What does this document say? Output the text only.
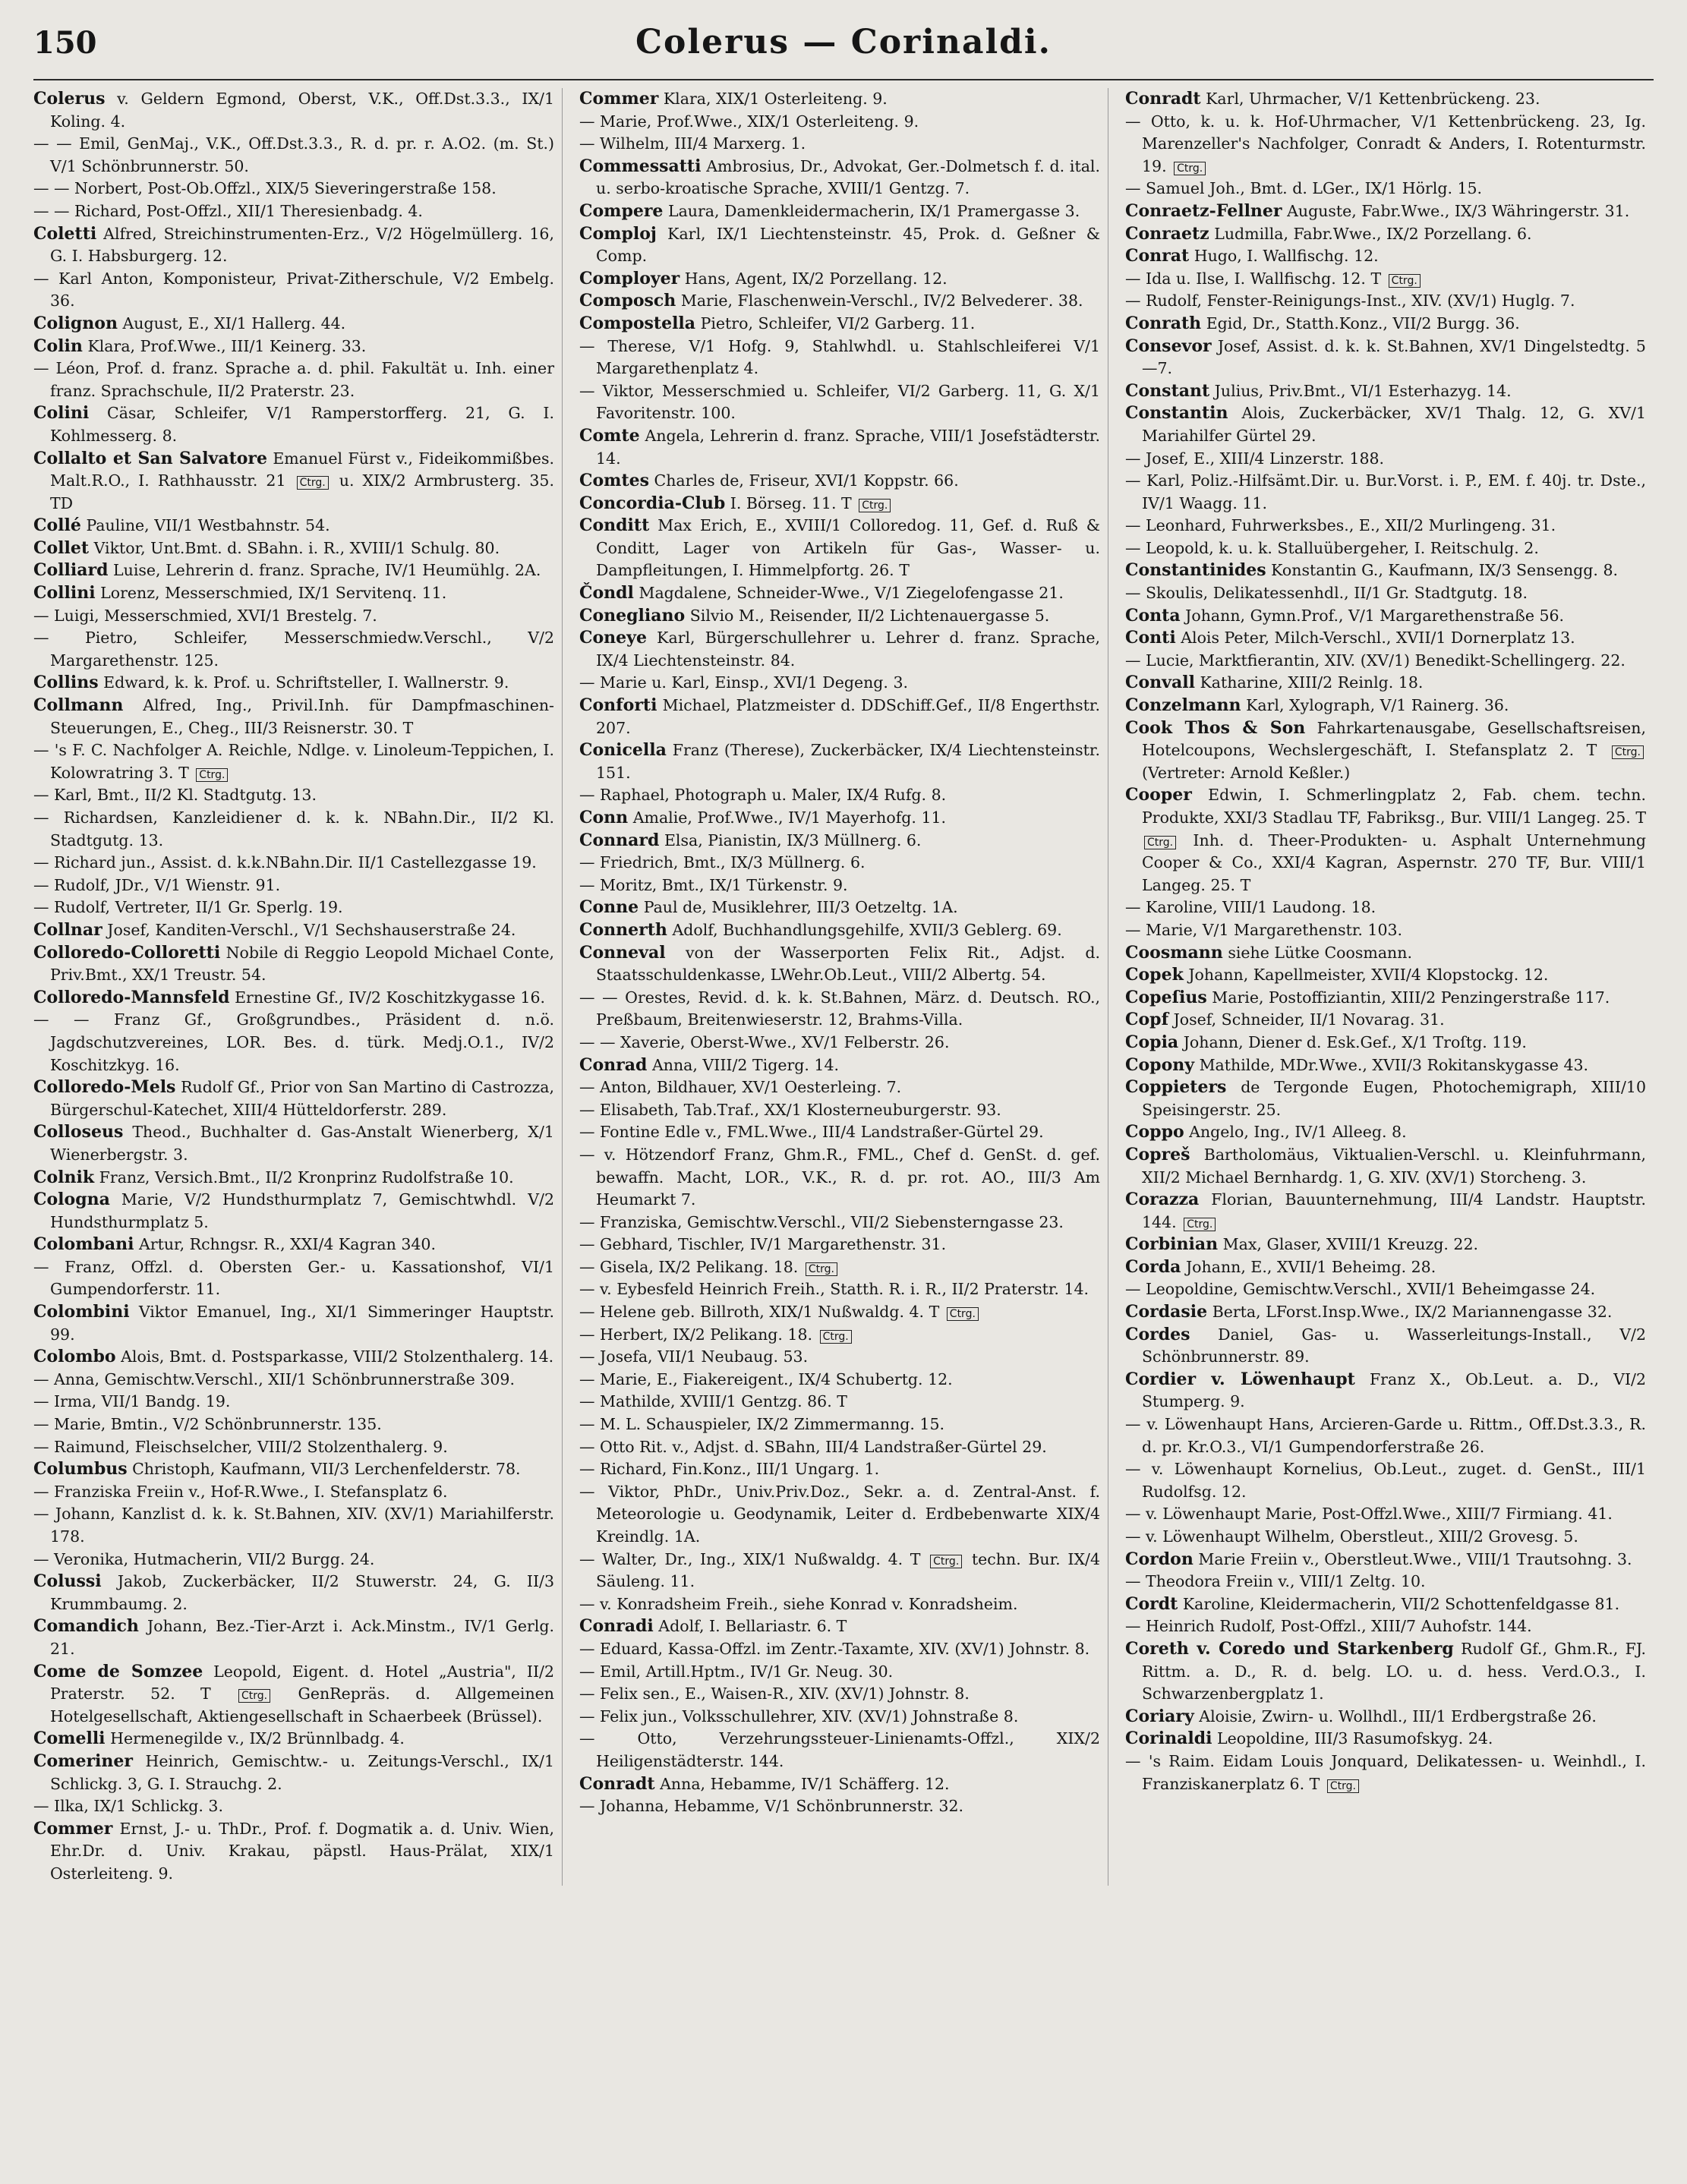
150	Colerus — Corinaldi.

Colerus v. Geldern Egmond, Oberst, V.K., Off.Dst.3.3., IX/1 Koling. 4.

— — Emil, GenMaj., V.K., Off.Dst.3.3., R. d. pr. r. A.O2. (m. St.) V/1 Schönbrunnerstr. 50.

— — Norbert, Post-Ob.Offzl., XIX/5 Sieveringerstraße 158.

— — Richard, Post-Offzl., XII/1 Theresienbadg. 4.

Coletti Alfred, Streichinstrumenten-Erz., V/2 Högelmüllerg. 16, G. I. Habsburgerg. 12.

— Karl Anton, Komponisteur, Privat-Zitherschule, V/2 Embelg. 36.

Colignon August, E., XI/1 Hallerg. 44.

Colin Klara, Prof.Wwe., III/1 Keinerg. 33.

— Léon, Prof. d. franz. Sprache a. d. phil. Fakultät u. Inh. einer franz. Sprachschule, II/2 Praterstr. 23.

Colini Cäsar, Schleifer, V/1 Ramperstorfferg. 21, G. I. Kohlmesserg. 8.

Collalto et San Salvatore Emanuel Fürst v., Fideikommißbes. Malt.R.O., I. Rathhausstr. 21 Ctrg. u. XIX/2 Armbrusterg. 35. TD

Collé Pauline, VII/1 Westbahnstr. 54.

Collet Viktor, Unt.Bmt. d. SBahn. i. R., XVIII/1 Schulg. 80.

Colliard Luise, Lehrerin d. franz. Sprache, IV/1 Heumühlg. 2A.

Collini Lorenz, Messerschmied, IX/1 Servitenq. 11.

— Luigi, Messerschmied, XVI/1 Brestelg. 7.

— Pietro, Schleifer, Messerschmiedw.Verschl., V/2 Margarethenstr. 125.

Collins Edward, k. k. Prof. u. Schriftsteller, I. Wallnerstr. 9.

Collmann Alfred, Ing., Privil.Inh. für Dampfmaschinen-Steuerungen, E., Cheg., III/3 Reisnerstr. 30. T

— 's F. C. Nachfolger A. Reichle, Ndlge. v. Linoleum-Teppichen, I. Kolowratring 3. T Ctrg.

— Karl, Bmt., II/2 Kl. Stadtgutg. 13.

— Richardsen, Kanzleidiener d. k. k. NBahn.Dir., II/2 Kl. Stadtgutg. 13.

— Richard jun., Assist. d. k.k.NBahn.Dir. II/1 Castellezgasse 19.

— Rudolf, JDr., V/1 Wienstr. 91.

— Rudolf, Vertreter, II/1 Gr. Sperlg. 19.

Collnar Josef, Kanditen-Verschl., V/1 Sechshauserstraße 24.

Colloredo-Colloretti Nobile di Reggio Leopold Michael Conte, Priv.Bmt., XX/1 Treustr. 54.

Colloredo-Mannsfeld Ernestine Gf., IV/2 Koschitzkygasse 16.

— — Franz Gf., Großgrundbes., Präsident d. n.ö. Jagdschutzvereines, LOR. Bes. d. türk. Medj.O.1., IV/2 Koschitzkyg. 16.

Colloredo-Mels Rudolf Gf., Prior von San Martino di Castrozza, Bürgerschul-Katechet, XIII/4 Hütteldorferstr. 289.

Colloseus Theod., Buchhalter d. Gas-Anstalt Wienerberg, X/1 Wienerbergstr. 3.

Colnik Franz, Versich.Bmt., II/2 Kronprinz Rudolfstraße 10.

Cologna Marie, V/2 Hundsthurmplatz 7, Gemischtwhdl. V/2 Hundsthurmplatz 5.

Colombani Artur, Rchngsr. R., XXI/4 Kagran 340.

— Franz, Offzl. d. Obersten Ger.- u. Kassationshof, VI/1 Gumpendorferstr. 11.

Colombini Viktor Emanuel, Ing., XI/1 Simmeringer Hauptstr. 99.

Colombo Alois, Bmt. d. Postsparkasse, VIII/2 Stolzenthalerg. 14.

— Anna, Gemischtw.Verschl., XII/1 Schönbrunnerstraße 309.

— Irma, VII/1 Bandg. 19.

— Marie, Bmtin., V/2 Schönbrunnerstr. 135.

— Raimund, Fleischselcher, VIII/2 Stolzenthalerg. 9.

Columbus Christoph, Kaufmann, VII/3 Lerchenfelderstr. 78.

— Franziska Freiin v., Hof-R.Wwe., I. Stefansplatz 6.

— Johann, Kanzlist d. k. k. St.Bahnen, XIV. (XV/1) Mariahilferstr. 178.

— Veronika, Hutmacherin, VII/2 Burgg. 24.

Colussi Jakob, Zuckerbäcker, II/2 Stuwerstr. 24, G. II/3 Krummbaumg. 2.

Comandich Johann, Bez.-Tier-Arzt i. Ack.Minstm., IV/1 Gerlg. 21.

Come de Somzee Leopold, Eigent. d. Hotel „Austria", II/2 Praterstr. 52. T	Ctrg. GenRepräs. d. Allgemeinen Hotelgesellschaft, Aktiengesellschaft in Schaerbeek (Brüssel).

Comelli Hermenegilde v., IX/2 Brünnlbadg. 4.

Comeriner Heinrich, Gemischtw.- u. Zeitungs-Verschl., IX/1 Schlickg. 3, G. I. Strauchg. 2.

— Ilka, IX/1 Schlickg. 3.

Commer Ernst, J.- u. ThDr., Prof. f. Dogmatik a. d. Univ. Wien, Ehr.Dr. d. Univ. Krakau, päpstl. Haus-Prälat, XIX/1 Osterleiteng. 9.

Commer Klara, XIX/1 Osterleiteng. 9.

— Marie, Prof.Wwe., XIX/1 Osterleiteng. 9.

— Wilhelm, III/4 Marxerg. 1.

Commessatti Ambrosius, Dr., Advokat, Ger.-Dolmetsch f. d. ital. u. serbo-kroatische Sprache, XVIII/1 Gentzg. 7.

Compere Laura, Damenkleidermacherin, IX/1 Pramergasse 3.

Comploj Karl, IX/1 Liechtensteinstr. 45, Prok. d. Geßner & Comp.

Comployer Hans, Agent, IX/2 Porzellang. 12.

Composch Marie, Flaschenwein-Verschl., IV/2 Belvederег. 38.

Compostella Pietro, Schleifer, VI/2 Garberg. 11.

— Therese, V/1 Hofg. 9, Stahlwhdl. u. Stahlschleiferei V/1 Margarethenplatz 4.

— Viktor, Messerschmied u. Schleifer, VI/2 Garberg. 11, G. X/1 Favoritenstr. 100.

Comte Angela, Lehrerin d. franz. Sprache, VIII/1 Josefstädterstr. 14.

Comtes Charles de, Friseur, XVI/1 Koppstr. 66.

Concordia-Club I. Börseg. 11. T Ctrg.

Conditt Max Erich, E., XVIII/1 Colloredog. 11, Gef. d. Ruß & Conditt, Lager von Artikeln für Gas-, Wasser- u. Dampfleitungen, I. Himmelpfortg. 26. T

Čondl Magdalene, Schneider-Wwe., V/1 Ziegelofengasse 21.

Conegliano Silvio M., Reisender, II/2 Lichtenauergasse 5.

Coneye Karl, Bürgerschullehrer u. Lehrer d. franz. Sprache, IX/4 Liechtensteinstr. 84.

— Marie u. Karl, Einsp., XVI/1 Degeng. 3.

Conforti Michael, Platzmeister d. DDSchiff.Gef., II/8 Engerthstr. 207.

Conicella Franz (Therese), Zuckerbäcker, IX/4 Liechtensteinstr. 151.

— Raphael, Photograph u. Maler, IX/4 Rufg. 8.

Conn Amalie, Prof.Wwe., IV/1 Mayerhofg. 11.

Connard Elsa, Pianistin, IX/3 Müllnerg. 6.

— Friedrich, Bmt., IX/3 Müllnerg. 6.

— Moritz, Bmt., IX/1 Türkenstr. 9.

Conne Paul de, Musiklehrer, III/3 Oetzeltg. 1A.

Connerth Adolf, Buchhandlungsgehilfe, XVII/3 Geblerg. 69.

Conneval von der Wasserporten Felix Rit., Adjst. d. Staatsschuldenkasse, LWehr.Ob.Leut., VIII/2 Albertg. 54.

— — Orestes, Revid. d. k. k. St.Bahnen, März. d. Deutsch. RO., Preßbaum, Breitenwieserstr. 12, Brahms-Villa.

— — Xaverie, Oberst-Wwe., XV/1 Felberstr. 26.

Conrad Anna, VIII/2 Tigerg. 14.

— Anton, Bildhauer, XV/1 Oesterleing. 7.

— Elisabeth, Tab.Traf., XX/1 Klosterneuburgerstr. 93.

— Fontine Edle v., FML.Wwe., III/4 Landstraßer-Gürtel 29.

— v. Hötzendorf Franz, Ghm.R., FML., Chef d. GenSt. d. gef. bewaffn. Macht, LOR., V.K., R. d. pr. rot. AO., III/3 Am Heumarkt 7.

— Franziska, Gemischtw.Verschl., VII/2 Siebensterngasse 23.

— Gebhard, Tischler, IV/1 Margarethenstr. 31.

— Gisela, IX/2 Pelikang. 18. Ctrg.

— v. Eybesfeld Heinrich Freih., Statth. R. i. R., II/2 Praterstr. 14.

— Helene geb. Billroth, XIX/1 Nußwaldg. 4. T Ctrg.

— Herbert, IX/2 Pelikang. 18. Ctrg.

— Josefa, VII/1 Neubaug. 53.

— Marie, E., Fiakereigent., IX/4 Schubertg. 12.

— Mathilde, XVIII/1 Gentzg. 86. T

— M. L. Schauspieler, IX/2 Zimmermanng. 15.

— Otto Rit. v., Adjst. d. SBahn, III/4 Landstraßer-Gürtel 29.

— Richard, Fin.Konz., III/1 Ungarg. 1.

— Viktor, PhDr., Univ.Priv.Doz., Sekr. a. d. Zentral-Anst. f. Meteorologie u. Geodynamik, Leiter d. Erdbebenwarte XIX/4 Kreindlg. 1A.

— Walter, Dr., Ing., XIX/1 Nußwaldg. 4. T Ctrg. techn. Bur. IX/4 Säuleng. 11.

— v. Konradsheim Freih., siehe Konrad v. Konradsheim.

Conradi Adolf, I. Bellariastr. 6. T

— Eduard, Kassa-Offzl. im Zentr.-Taxamte, XIV. (XV/1) Johnstr. 8.

— Emil, Artill.Hptm., IV/1 Gr. Neug. 30.

— Felix sen., E., Waisen-R., XIV. (XV/1) Johnstr. 8.

— Felix jun., Volksschullehrer, XIV. (XV/1) Johnstraße 8.

— Otto, Verzehrungssteuer-Linienamts-Offzl., XIX/2 Heiligenstädterstr. 144.

Conradt Anna, Hebamme, IV/1 Schäfferg. 12.

— Johanna, Hebamme, V/1 Schönbrunnerstr. 32.

Conradt Karl, Uhrmacher, V/1 Kettenbrückeng. 23.

— Otto, k. u. k. Hof-Uhrmacher, V/1 Kettenbrückeng. 23, Ig. Marenzeller's Nachfolger, Conradt & Anders, I. Rotenturmstr. 19. Ctrg.

— Samuel Joh., Bmt. d. LGer., IX/1 Hörlg. 15.

Conraetz-Fellner Auguste, Fabr.Wwe., IX/3 Währingerstr. 31.

Conraetz Ludmilla, Fabr.Wwe., IX/2 Porzellang. 6.

Conrat Hugo, I. Wallfischg. 12.

— Ida u. Ilse, I. Wallfischg. 12. T Ctrg.

— Rudolf, Fenster-Reinigungs-Inst., XIV. (XV/1) Huglg. 7.

Conrath Egid, Dr., Statth.Konz., VII/2 Burgg. 36.

Consevor Josef, Assist. d. k. k. St.Bahnen, XV/1 Dingelstedtg. 5—7.

Constant Julius, Priv.Bmt., VI/1 Esterhazyg. 14.

Constantin Alois, Zuckerbäcker, XV/1 Thalg. 12, G. XV/1 Mariahilfer Gürtel 29.

— Josef, E., XIII/4 Linzerstr. 188.

— Karl, Poliz.-Hilfsämt.Dir. u. Bur.Vorst. i. P., EM. f. 40j. tr. Dste., IV/1 Waagg. 11.

— Leonhard, Fuhrwerksbes., E., XII/2 Murlingeng. 31.

— Leopold, k. u. k. Stalluübergeher, I. Reitschulg. 2.

Constantinides Konstantin G., Kaufmann, IX/3 Sensengg. 8.

— Skoulis, Delikatessenhdl., II/1 Gr. Stadtgutg. 18.

Conta Johann, Gymn.Prof., V/1 Margarethenstraße 56.

Conti Alois Peter, Milch-Verschl., XVII/1 Dornerplatz 13.

— Lucie, Marktfierantin, XIV. (XV/1) Benedikt-Schellingerg. 22.

Convall Katharine, XIII/2 Reinlg. 18.

Conzelmann Karl, Xylograph, V/1 Rainerg. 36.

Cook Thos & Son Fahrkartenausgabe, Gesellschaftsreisen, Hotelcoupons, Wechslergeschäft, I. Stefansplatz 2. T Ctrg. (Vertreter: Arnold Keßler.)

Cooper Edwin, I. Schmerlingplatz 2, Fab. chem. techn. Produkte, XXI/3 Stadlau TF, Fabriksg., Bur. VIII/1 Langeg. 25. T Ctrg. Inh. d. Theer-Produkten- u. Asphalt Unternehmung Cooper & Co., XXI/4 Kagran, Aspernstr. 270 TF, Bur. VIII/1 Langeg. 25. T

— Karoline, VIII/1 Laudong. 18.

— Marie, V/1 Margarethenstr. 103.

Coosmann siehe Lütke Coosmann.

Copek Johann, Kapellmeister, XVII/4 Klopstockg. 12.

Copeſius Marie, Postoffiziantin, XIII/2 Penzingerstraße 117.

Copf Josef, Schneider, II/1 Novarag. 31.

Copia Johann, Diener d. Esk.Gef., X/1 Troſtg. 119.

Copony Mathilde, MDr.Wwe., XVII/3 Rokitanskygasse 43.

Coppieters de Tergonde Eugen, Photochemigraph, XIII/10 Speisingerstr. 25.

Coppo Angelo, Ing., IV/1 Alleeg. 8.

Copreš Bartholomäus, Viktualien-Verschl. u. Kleinfuhrmann, XII/2 Michael Bernhardg. 1, G. XIV. (XV/1) Storcheng. 3.

Corazza Florian, Bauunternehmung, III/4 Landstr. Hauptstr. 144. Ctrg.

Corbinian Max, Glaser, XVIII/1 Kreuzg. 22.

Corda Johann, E., XVII/1 Beheimg. 28.

— Leopoldine, Gemischtw.Verschl., XVII/1 Beheimgasse 24.

Cordasie Berta, LForst.Insp.Wwe., IX/2 Mariannengasse 32.

Cordes Daniel, Gas- u. Wasserleitungs-Install., V/2 Schönbrunnerstr. 89.

Cordier v. Löwenhaupt Franz X., Ob.Leut. a. D., VI/2 Stumperg. 9.

— v. Löwenhaupt Hans, Arcieren-Garde u. Rittm., Off.Dst.3.3., R. d. pr. Kr.O.3., VI/1 Gumpendorferstraße 26.

— v. Löwenhaupt Kornelius, Ob.Leut., zuget. d. GenSt., III/1 Rudolfsg. 12.

— v. Löwenhaupt Marie, Post-Offzl.Wwe., XIII/7 Firmiang. 41.

— v. Löwenhaupt Wilhelm, Oberstleut., XIII/2 Grovesg. 5.

Cordon Marie Freiin v., Oberstleut.Wwe., VIII/1 Trautsohng. 3.

— Theodora Freiin v., VIII/1 Zeltg. 10.

Cordt Karoline, Kleidermacherin, VII/2 Schottenfeldgasse 81.

— Heinrich Rudolf, Post-Offzl., XIII/7 Auhofstr. 144.

Coreth v. Coredo und Starkenberg Rudolf Gf., Ghm.R., FJ. Rittm. a. D., R. d. belg. LO. u. d. hess. Verd.O.3., I. Schwarzenbergplatz 1.

Coriary Aloisie, Zwirn- u. Wollhdl., III/1 Erdbergstraße 26.

Corinaldi Leopoldine, III/3 Rasumofskyg. 24.

— 's Raim. Eidam Louis Jonquard, Delikatessen- u. Weinhdl., I. Franziskanerplatz 6. T Ctrg.
